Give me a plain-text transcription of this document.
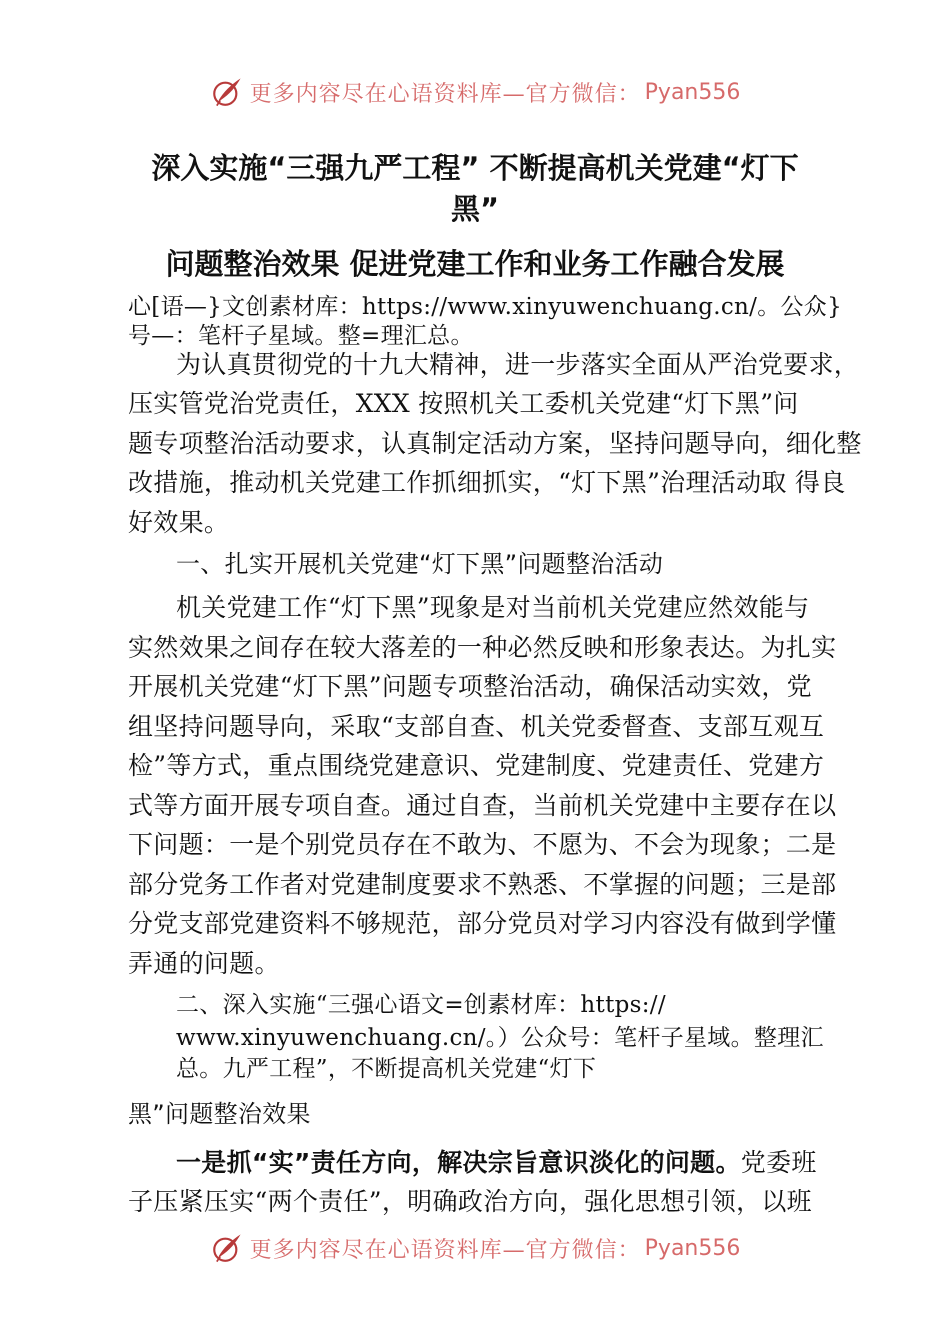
更多内容尽在心语资料库—官方微信： Pyan556
深入实施“三强九严工程” 不断提高机关党建“灯下
黑”
问题整治效果 促进党建工作和业务工作融合发展

心[语—}文创素材库：https://www.xinyuwenchuang.cn/。公众}

号—：笔杆子星域。整=理汇总。

为认真贯彻党的十九大精神，进一步落实全面从严治党要求，

压实管党治党责任，XXX 按照机关工委机关党建“灯下黑”问

题专项整治活动要求，认真制定活动方案，坚持问题导向，细化整

改措施，推动机关党建工作抓细抓实，“灯下黑”治理活动取 得良

好效果。

一、扎实开展机关党建“灯下黑”问题整治活动

机关党建工作“灯下黑”现象是对当前机关党建应然效能与

实然效果之间存在较大落差的一种必然反映和形象表达。为扎实

开展机关党建“灯下黑”问题专项整治活动，确保活动实效，党

组坚持问题导向，采取“支部自查、机关党委督查、支部互观互

检”等方式，重点围绕党建意识、党建制度、党建责任、党建方

式等方面开展专项自查。通过自查，当前机关党建中主要存在以

下问题：一是个别党员存在不敢为、不愿为、不会为现象；二是

部分党务工作者对党建制度要求不熟悉、不掌握的问题；三是部

分党支部党建资料不够规范，部分党员对学习内容没有做到学懂

弄通的问题。

二、深入实施“三强心语文=创素材库：https://

www.xinyuwenchuang.cn/。）公众号：笔杆子星域。整理汇

总。九严工程”，不断提高机关党建“灯下

黑”问题整治效果

一是抓“实”责任方向，解决宗旨意识淡化的问题。党委班

子压紧压实“两个责任”，明确政治方向，强化思想引领，以班

更多内容尽在心语资料库—官方微信： Pyan556
